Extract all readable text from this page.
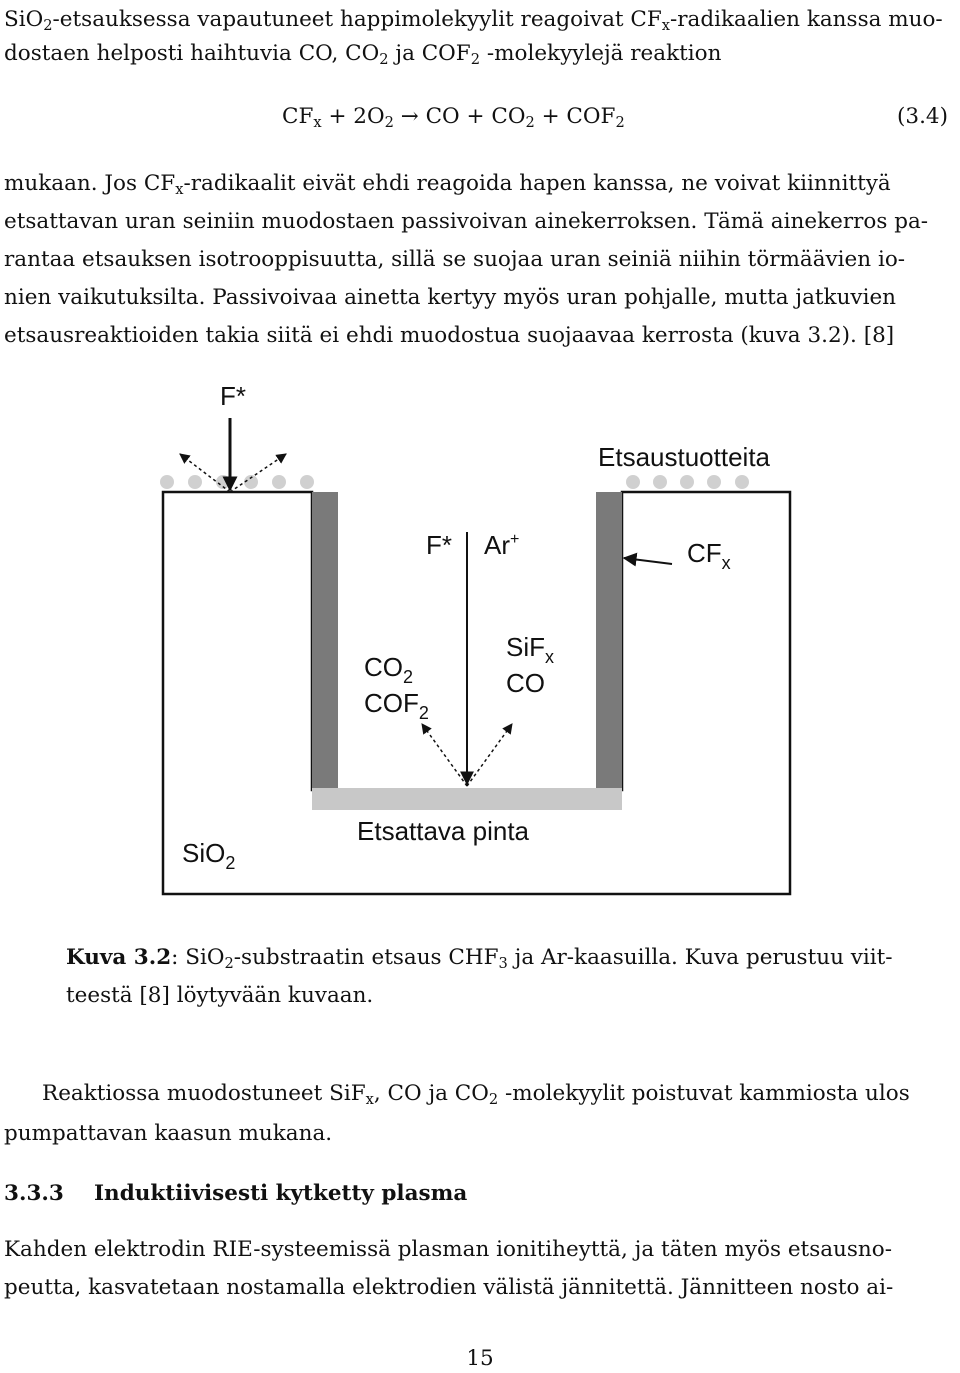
SiO$_2$-etsauksessa vapautuneet happimolekyylit reagoivat $CF_x$-radikaalien kanssa muo-
dostaen helposti haihtuvia CO, $CO_2$ ja $COF_2$ -molekyylejä reaktion
$CF_x + 2O_2$ → CO + $CO_2 + COF_2$	(3.4)
mukaan. Jos $CF_x$-radikaalit eivät ehdi reagoida hapen kanssa, ne voivat kiinnittyä
etsattavan uran seiniin muodostaen passivoivan ainekerroksen. Tämä ainekerros pa-
rantaa etsauksen isotrooppisuutta, sillä se suojaa uran seiniä niihin törmäävien io-
nien vaikutuksilta. Passivoivaa ainetta kertyy myös uran pohjalle, mutta jatkuvien
etsausreaktioiden takia siitä ei ehdi muodostua suojaavaa kerrosta (kuva 3.2). [8]
F*
Etsaustuotteita
F* Ar+	$CF_x$
$CO_2$
$COF_2$
SiF$_x$
CO
SiO$_2$
Etsattava pinta
Kuva 3.2: SiO$_2$-substraatin etsaus $CHF_3$ ja Ar-kaasuilla. Kuva perustuu viit-
teestä [8] löytyvään kuvaan.
Reaktiossa muodostuneet SiF$_x$, CO ja $CO_2$ -molekyylit poistuvat kammiosta ulos
pumpattavan kaasun mukana.
3.3.3 Induktiivisesti kytketty plasma
Kahden elektrodin RIE-systeemissä plasman ionitiheyttä, ja täten myös etsausno-
peutta, kasvatetaan nostamalla elektrodien välistä jännitettä. Jännitteen nosto ai-
15
